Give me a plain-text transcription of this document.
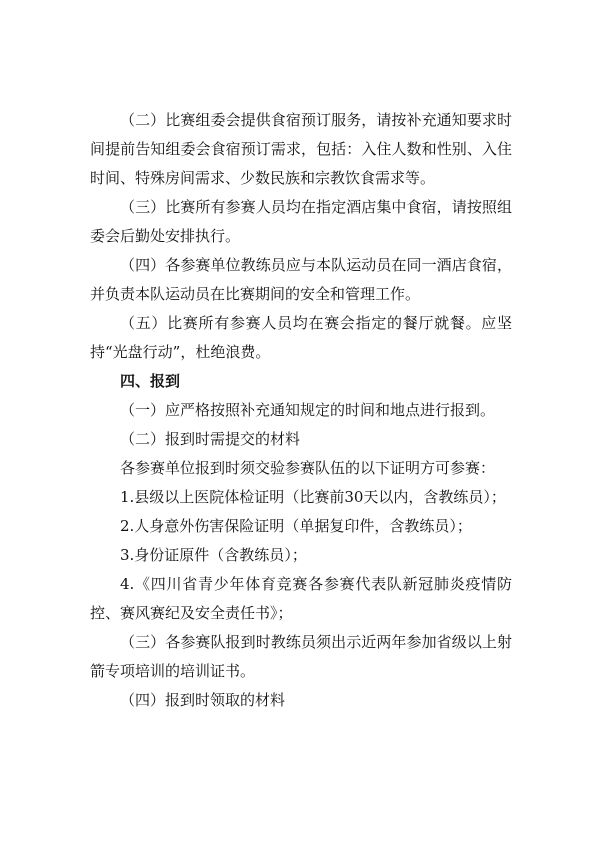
（二）比赛组委会提供食宿预订服务，请按补充通知要求时间提前告知组委会食宿预订需求，包括：入住人数和性别、入住时间、特殊房间需求、少数民族和宗教饮食需求等。

（三）比赛所有参赛人员均在指定酒店集中食宿，请按照组委会后勤处安排执行。

（四）各参赛单位教练员应与本队运动员在同一酒店食宿，并负责本队运动员在比赛期间的安全和管理工作。

（五）比赛所有参赛人员均在赛会指定的餐厅就餐。应坚持“光盘行动”，杜绝浪费。

四、报到

（一）应严格按照补充通知规定的时间和地点进行报到。

（二）报到时需提交的材料

各参赛单位报到时须交验参赛队伍的以下证明方可参赛：

1.县级以上医院体检证明（比赛前30天以内，含教练员）；

2.人身意外伤害保险证明（单据复印件，含教练员）；

3.身份证原件（含教练员）；

4.《四川省青少年体育竞赛各参赛代表队新冠肺炎疫情防控、赛风赛纪及安全责任书》；

（三）各参赛队报到时教练员须出示近两年参加省级以上射箭专项培训的培训证书。

（四）报到时领取的材料
